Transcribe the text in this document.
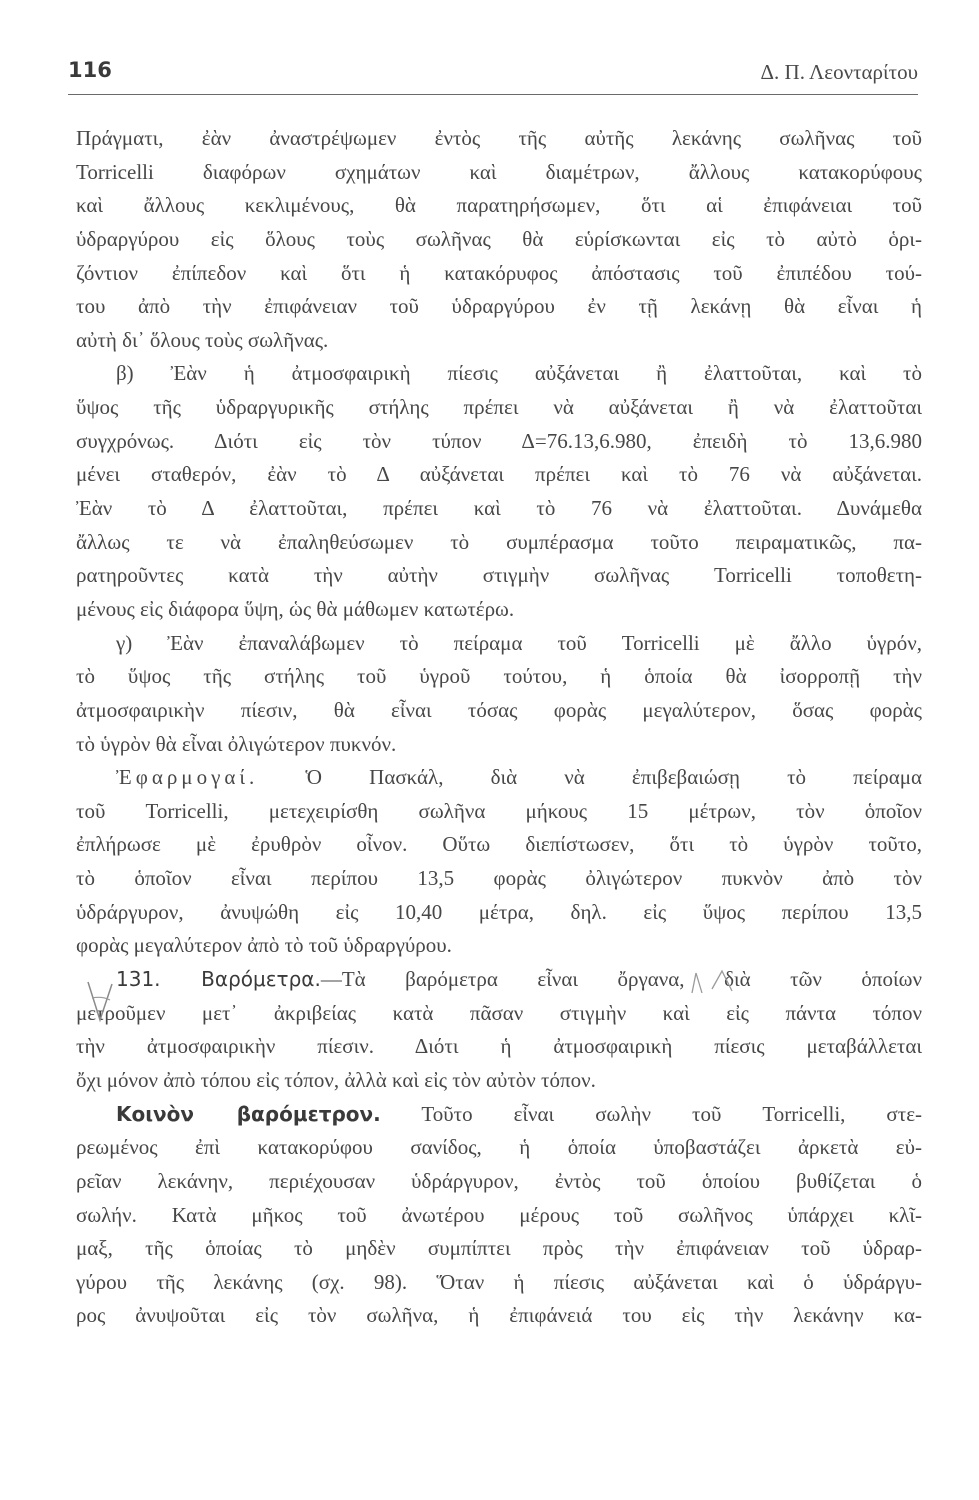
116	Δ. Π. Λεονταρίτου
Πράγματι, ἐὰν ἀναστρέψωμεν ἐντὸς τῆς αὐτῆς λεκάνης σωλῆνας τοῦ
Torricelli διαφόρων σχημάτων καὶ διαμέτρων, ἄλλους κατακορύφους
καὶ ἄλλους κεκλιμένους, θὰ παρατηρήσωμεν, ὅτι αἱ ἐπιφάνειαι τοῦ
ὑδραργύρου εἰς ὅλους τοὺς σωλῆνας θὰ εὑρίσκωνται εἰς τὸ αὐτὸ ὁρι-
ζόντιον ἐπίπεδον καὶ ὅτι ἡ κατακόρυφος ἀπόστασις τοῦ ἐπιπέδου τού-
του ἀπὸ τὴν ἐπιφάνειαν τοῦ ὑδραργύρου ἐν τῇ λεκάνῃ θὰ εἶναι ἡ
αὐτὴ δι᾽ ὅλους τοὺς σωλῆνας.
β) Ἐὰν ἡ ἀτμοσφαιρικὴ πίεσις αὐξάνεται ἢ ἐλαττοῦται, καὶ τὸ
ὕψος τῆς ὑδραργυρικῆς στήλης πρέπει νὰ αὐξάνεται ἢ νὰ ἐλαττοῦται
συγχρόνως. Διότι εἰς τὸν τύπον Δ=76.13,6.980, ἐπειδὴ τὸ 13,6.980
μένει σταθερόν, ἐὰν τὸ Δ αὐξάνεται πρέπει καὶ τὸ 76 νὰ αὐξάνεται.
Ἐὰν τὸ Δ ἐλαττοῦται, πρέπει καὶ τὸ 76 νὰ ἐλαττοῦται. Δυνάμεθα
ἄλλως τε νὰ ἐπαληθεύσωμεν τὸ συμπέρασμα τοῦτο πειραματικῶς, πα-
ρατηροῦντες κατὰ τὴν αὐτὴν στιγμὴν σωλῆνας Torricelli τοποθετη-
μένους εἰς διάφορα ὕψη, ὡς θὰ μάθωμεν κατωτέρω.
γ) Ἐὰν ἐπαναλάβωμεν τὸ πείραμα τοῦ Torricelli μὲ ἄλλο ὑγρόν,
τὸ ὕψος τῆς στήλης τοῦ ὑγροῦ τούτου, ἡ ὁποία θὰ ἰσορροπῇ τὴν
ἀτμοσφαιρικὴν πίεσιν, θὰ εἶναι τόσας φορὰς μεγαλύτερον, ὅσας φορὰς
τὸ ὑγρὸν θὰ εἶναι ὀλιγώτερον πυκνόν.
Ἐφαρμογαί. Ὁ Πασκάλ, διὰ νὰ ἐπιβεβαιώσῃ τὸ πείραμα
τοῦ Torricelli, μετεχειρίσθη σωλῆνα μήκους 15 μέτρων, τὸν ὁποῖον
ἐπλήρωσε μὲ ἐρυθρὸν οἶνον. Οὕτω διεπίστωσεν, ὅτι τὸ ὑγρὸν τοῦτο,
τὸ ὁποῖον εἶναι περίπου 13,5 φορὰς ὀλιγώτερον πυκνὸν ἀπὸ τὸν
ὑδράργυρον, ἀνυψώθη εἰς 10,40 μέτρα, δηλ. εἰς ὕψος περίπου 13,5
φορὰς μεγαλύτερον ἀπὸ τὸ τοῦ ὑδραργύρου.
131. Βαρόμετρα.—Τὰ βαρόμετρα εἶναι ὄργανα, διὰ τῶν ὁποίων
μετροῦμεν μετ᾽ ἀκριβείας κατὰ πᾶσαν στιγμὴν καὶ εἰς πάντα τόπον
τὴν ἀτμοσφαιρικὴν πίεσιν. Διότι ἡ ἀτμοσφαιρικὴ πίεσις μεταβάλλεται
ὄχι μόνον ἀπὸ τόπου εἰς τόπον, ἀλλὰ καὶ εἰς τὸν αὐτὸν τόπον.
Κοινὸν βαρόμετρον. Τοῦτο εἶναι σωλὴν τοῦ Torricelli, στε-
ρεωμένος ἐπὶ κατακορύφου σανίδος, ἡ ὁποία ὑποβαστάζει ἀρκετὰ εὐ-
ρεῖαν λεκάνην, περιέχουσαν ὑδράργυρον, ἐντὸς τοῦ ὁποίου βυθίζεται ὁ
σωλήν. Κατὰ μῆκος τοῦ ἀνωτέρου μέρους τοῦ σωλῆνος ὑπάρχει κλῖ-
μαξ, τῆς ὁποίας τὸ μηδὲν συμπίπτει πρὸς τὴν ἐπιφάνειαν τοῦ ὑδραρ-
γύρου τῆς λεκάνης (σχ. 98). Ὅταν ἡ πίεσις αὐξάνεται καὶ ὁ ὑδράργυ-
ρος ἀνυψοῦται εἰς τὸν σωλῆνα, ἡ ἐπιφάνειά του εἰς τὴν λεκάνην κα-
